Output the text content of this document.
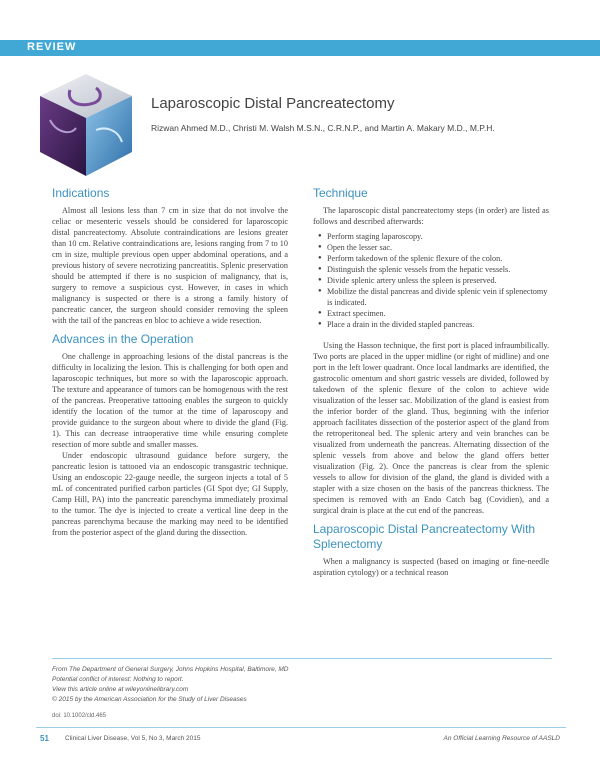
REVIEW
Laparoscopic Distal Pancreatectomy

Rizwan Ahmed M.D., Christi M. Walsh M.S.N., C.R.N.P., and Martin A. Makary M.D., M.P.H.

Indications

Almost all lesions less than 7 cm in size that do not involve the celiac or mesenteric vessels should be considered for laparoscopic distal pancreatectomy. Absolute contraindications are lesions greater than 10 cm. Relative contraindications are, lesions ranging from 7 to 10 cm in size, multiple previous open upper abdominal operations, and a previous history of severe necrotizing pancreatitis. Splenic preservation should be attempted if there is no suspicion of malignancy, that is, surgery to remove a suspicious cyst. However, in cases in which malignancy is suspected or there is a strong a family history of pancreatic cancer, the surgeon should consider removing the spleen with the tail of the pancreas en bloc to achieve a wide resection.

Advances in the Operation

One challenge in approaching lesions of the distal pancreas is the difficulty in localizing the lesion. This is challenging for both open and laparoscopic techniques, but more so with the laparoscopic approach. The texture and appearance of tumors can be homogenous with the rest of the pancreas. Preoperative tattooing enables the surgeon to quickly identify the location of the tumor at the time of laparoscopy and provide guidance to the surgeon about where to divide the gland (Fig. 1). This can decrease intraoperative time while ensuring complete resection of more subtle and smaller masses.

Under endoscopic ultrasound guidance before surgery, the pancreatic lesion is tattooed via an endoscopic transgastric technique. Using an endoscopic 22-gauge needle, the surgeon injects a total of 5 mL of concentrated purified carbon particles (GI Spot dye; GI Supply, Camp Hill, PA) into the pancreatic parenchyma immediately proximal to the tumor. The dye is injected to create a vertical line deep in the pancreas parenchyma because the marking may need to be identified from the posterior aspect of the gland during the dissection.

Technique

The laparoscopic distal pancreatectomy steps (in order) are listed as follows and described afterwards:

● Perform staging laparoscopy.
● Open the lesser sac.
● Perform takedown of the splenic flexure of the colon.
● Distinguish the splenic vessels from the hepatic vessels.
● Divide splenic artery unless the spleen is preserved.
● Mobilize the distal pancreas and divide splenic vein if splenectomy is indicated.
● Extract specimen.
● Place a drain in the divided stapled pancreas.

Using the Hasson technique, the first port is placed infraumbilically. Two ports are placed in the upper midline (or right of midline) and one port in the left lower quadrant. Once local landmarks are identified, the gastrocolic omentum and short gastric vessels are divided, followed by takedown of the splenic flexure of the colon to achieve wide visualization of the lesser sac. Mobilization of the gland is easiest from the inferior border of the gland. Thus, beginning with the inferior approach facilitates dissection of the posterior aspect of the gland from the retroperitoneal bed. The splenic artery and vein branches can be visualized from underneath the pancreas. Alternating dissection of the splenic vessels from above and below the gland offers better visualization (Fig. 2). Once the pancreas is clear from the splenic vessels to allow for division of the gland, the gland is divided with a stapler with a size chosen on the basis of the pancreas thickness. The specimen is removed with an Endo Catch bag (Covidien), and a surgical drain is place at the cut end of the pancreas.

Laparoscopic Distal Pancreatectomy With Splenectomy

When a malignancy is suspected (based on imaging or fine-needle aspiration cytology) or a technical reason

From The Department of General Surgery, Johns Hopkins Hospital, Baltimore, MD

Potential conflict of interest: Nothing to report.

View this article online at wileyonlinelibrary.com

© 2015 by the American Association for the Study of Liver Diseases

doi: 10.1002/cld.465
51 Clinical Liver Disease, Vol 5, No 3, March 2015	An Official Learning Resource of AASLD
